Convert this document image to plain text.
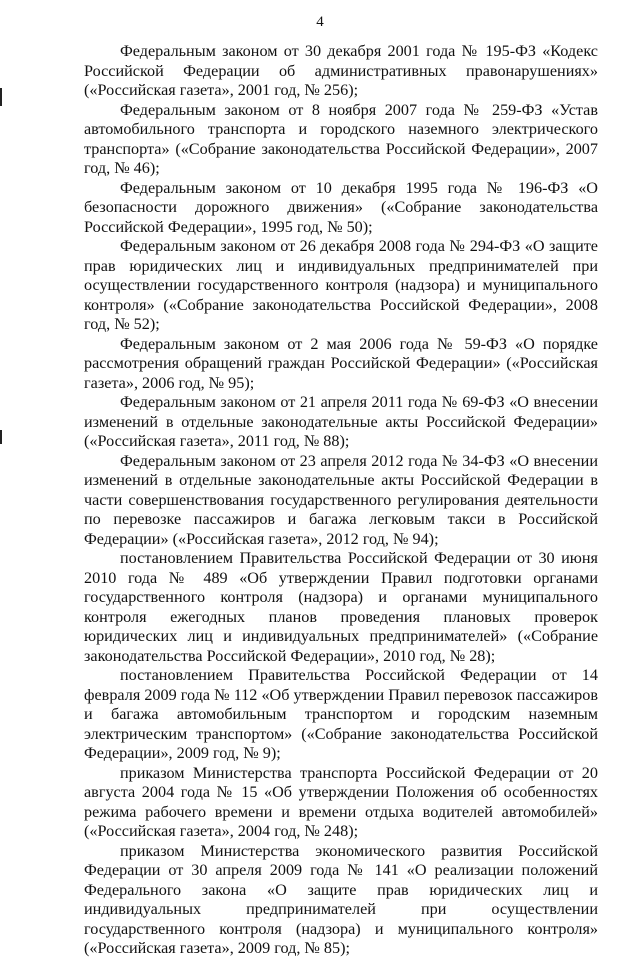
4

Федеральным законом от 30 декабря 2001 года № 195-ФЗ «Кодекс Российской Федерации об административных правонарушениях» («Российская газета», 2001 год, № 256);

Федеральным законом от 8 ноября 2007 года № 259-ФЗ «Устав автомобильного транспорта и городского наземного электрического транспорта» («Собрание законодательства Российской Федерации», 2007 год, № 46);

Федеральным законом от 10 декабря 1995 года № 196-ФЗ «О безопасности дорожного движения» («Собрание законодательства Российской Федерации», 1995 год, № 50);

Федеральным законом от 26 декабря 2008 года № 294-ФЗ «О защите прав юридических лиц и индивидуальных предпринимателей при осуществлении государственного контроля (надзора) и муниципального контроля» («Собрание законодательства Российской Федерации», 2008 год, № 52);

Федеральным законом от 2 мая 2006 года № 59-ФЗ «О порядке рассмотрения обращений граждан Российской Федерации» («Российская газета», 2006 год, № 95);

Федеральным законом от 21 апреля 2011 года № 69-ФЗ «О внесении изменений в отдельные законодательные акты Российской Федерации» («Российская газета», 2011 год, № 88);

Федеральным законом от 23 апреля 2012 года № 34-ФЗ «О внесении изменений в отдельные законодательные акты Российской Федерации в части совершенствования государственного регулирования деятельности по перевозке пассажиров и багажа легковым такси в Российской Федерации» («Российская газета», 2012 год, № 94);

постановлением Правительства Российской Федерации от 30 июня 2010 года № 489 «Об утверждении Правил подготовки органами государственного контроля (надзора) и органами муниципального контроля ежегодных планов проведения плановых проверок юридических лиц и индивидуальных предпринимателей» («Собрание законодательства Российской Федерации», 2010 год, № 28);

постановлением Правительства Российской Федерации от 14 февраля 2009 года № 112 «Об утверждении Правил перевозок пассажиров и багажа автомобильным транспортом и городским наземным электрическим транспортом» («Собрание законодательства Российской Федерации», 2009 год, № 9);

приказом Министерства транспорта Российской Федерации от 20 августа 2004 года № 15 «Об утверждении Положения об особенностях режима рабочего времени и времени отдыха водителей автомобилей» («Российская газета», 2004 год, № 248);

приказом Министерства экономического развития Российской Федерации от 30 апреля 2009 года № 141 «О реализации положений Федерального закона «О защите прав юридических лиц и индивидуальных предпринимателей при осуществлении государственного контроля (надзора) и муниципального контроля» («Российская газета», 2009 год, № 85);
